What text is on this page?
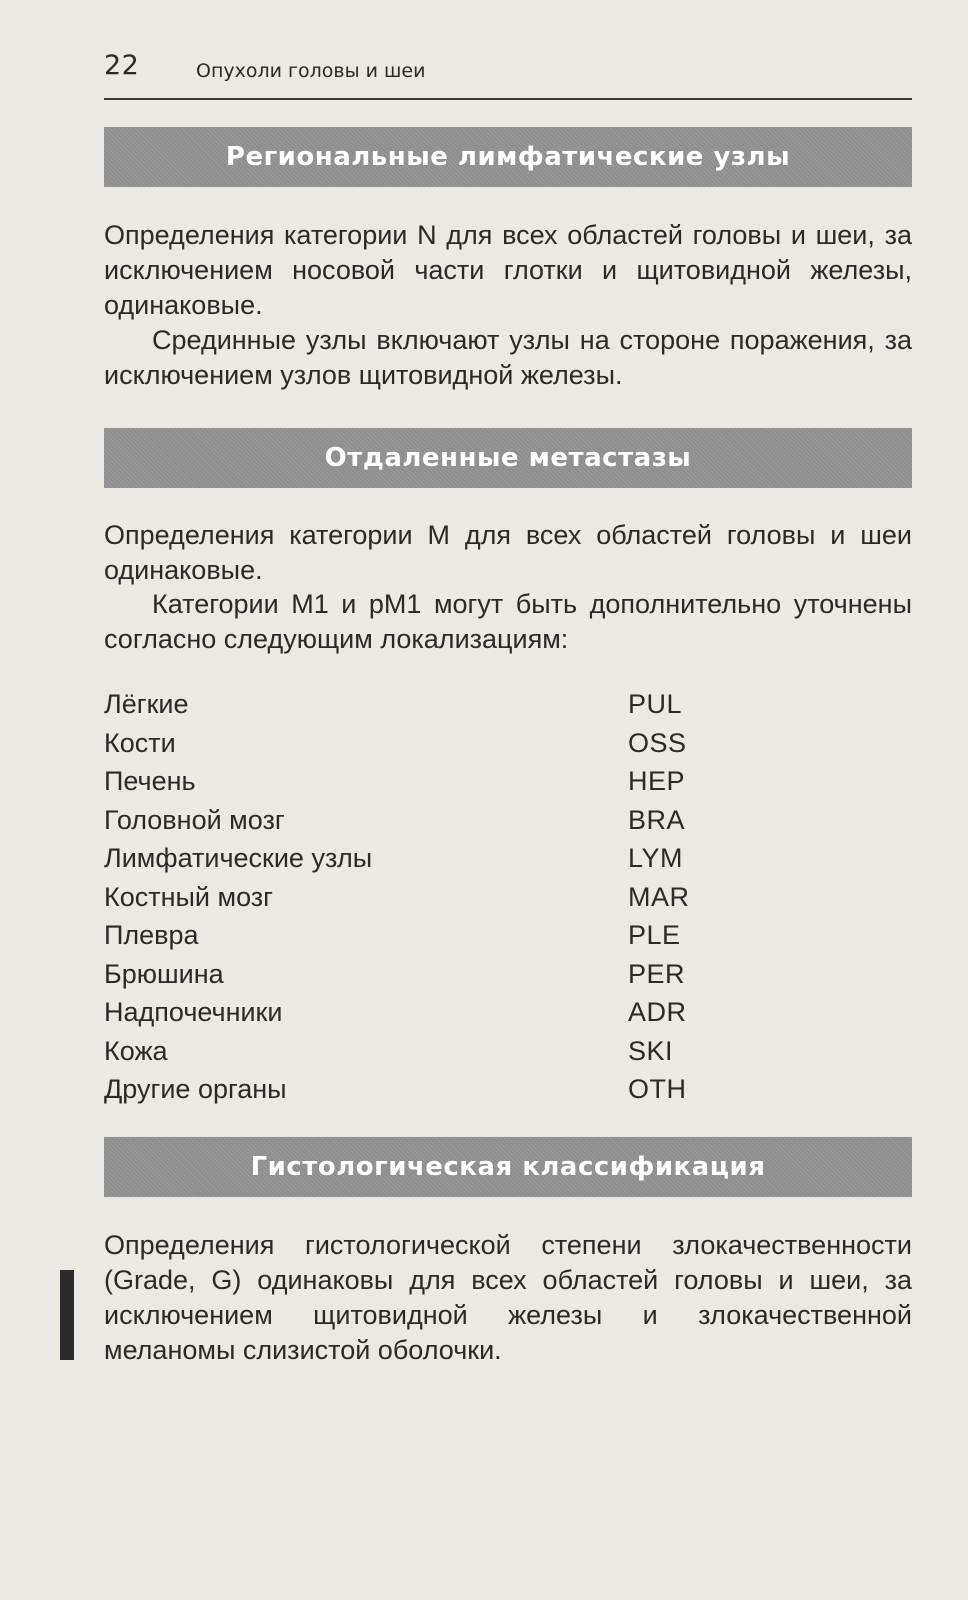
22	Опухоли головы и шеи
Региональные лимфатические узлы

Определения категории N для всех областей головы и шеи, за исключением носовой части глотки и щитовидной железы, одинаковые.

Срединные узлы включают узлы на стороне поражения, за исключением узлов щитовидной железы.

Отдаленные метастазы

Определения категории M для всех областей головы и шеи одинаковые.

Категории M1 и pM1 могут быть дополнительно уточнены согласно следующим локализациям:

Лёгкие	PUL
Кости	OSS
Печень	HEP
Головной мозг	BRA
Лимфатические узлы	LYM
Костный мозг	MAR
Плевра	PLE
Брюшина	PER
Надпочечники	ADR
Кожа	SKI
Другие органы	OTH
Гистологическая классификация

Определения гистологической степени злокачественности (Grade, G) одинаковы для всех областей головы и шеи, за исключением щитовидной железы и злокачественной меланомы слизистой оболочки.
